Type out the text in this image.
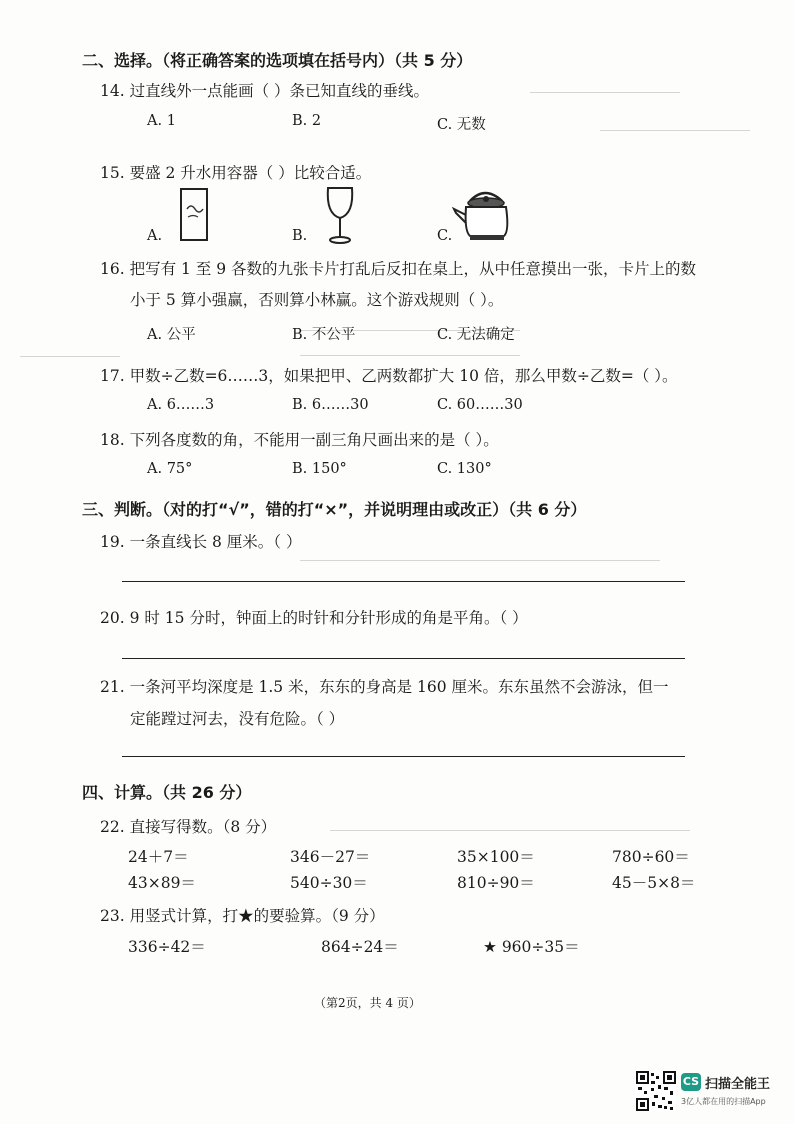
二、选择。（将正确答案的选项填在括号内）（共 5 分）
14. 过直线外一点能画（ ）条已知直线的垂线。
A. 1	B. 2	C. 无数
15. 要盛 2 升水用容器（ ）比较合适。
A.	B.	C.
16. 把写有 1 至 9 各数的九张卡片打乱后反扣在桌上，从中任意摸出一张，卡片上的数
小于 5 算小强赢，否则算小林赢。这个游戏规则（ ）。
A. 公平	B. 不公平	C. 无法确定
17. 甲数÷乙数=6……3，如果把甲、乙两数都扩大 10 倍，那么甲数÷乙数=（ ）。
A. 6……3	B. 6……30	C. 60……30
18. 下列各度数的角，不能用一副三角尺画出来的是（ ）。
A. 75°	B. 150°	C. 130°
三、判断。（对的打“√”，错的打“×”，并说明理由或改正）（共 6 分）
19. 一条直线长 8 厘米。（ ）
20. 9 时 15 分时，钟面上的时针和分针形成的角是平角。（ ）
21. 一条河平均深度是 1.5 米，东东的身高是 160 厘米。东东虽然不会游泳，但一
定能蹚过河去，没有危险。（ ）
四、计算。（共 26 分）
22. 直接写得数。（8 分）
24＋7＝	346－27＝	35×100＝	780÷60＝
43×89＝	540÷30＝	810÷90＝	45－5×8＝
23. 用竖式计算，打★的要验算。（9 分）
336÷42＝	864÷24＝	★ 960÷35＝
（第2页，共 4 页）
CS 扫描全能王
3亿人都在用的扫描App
